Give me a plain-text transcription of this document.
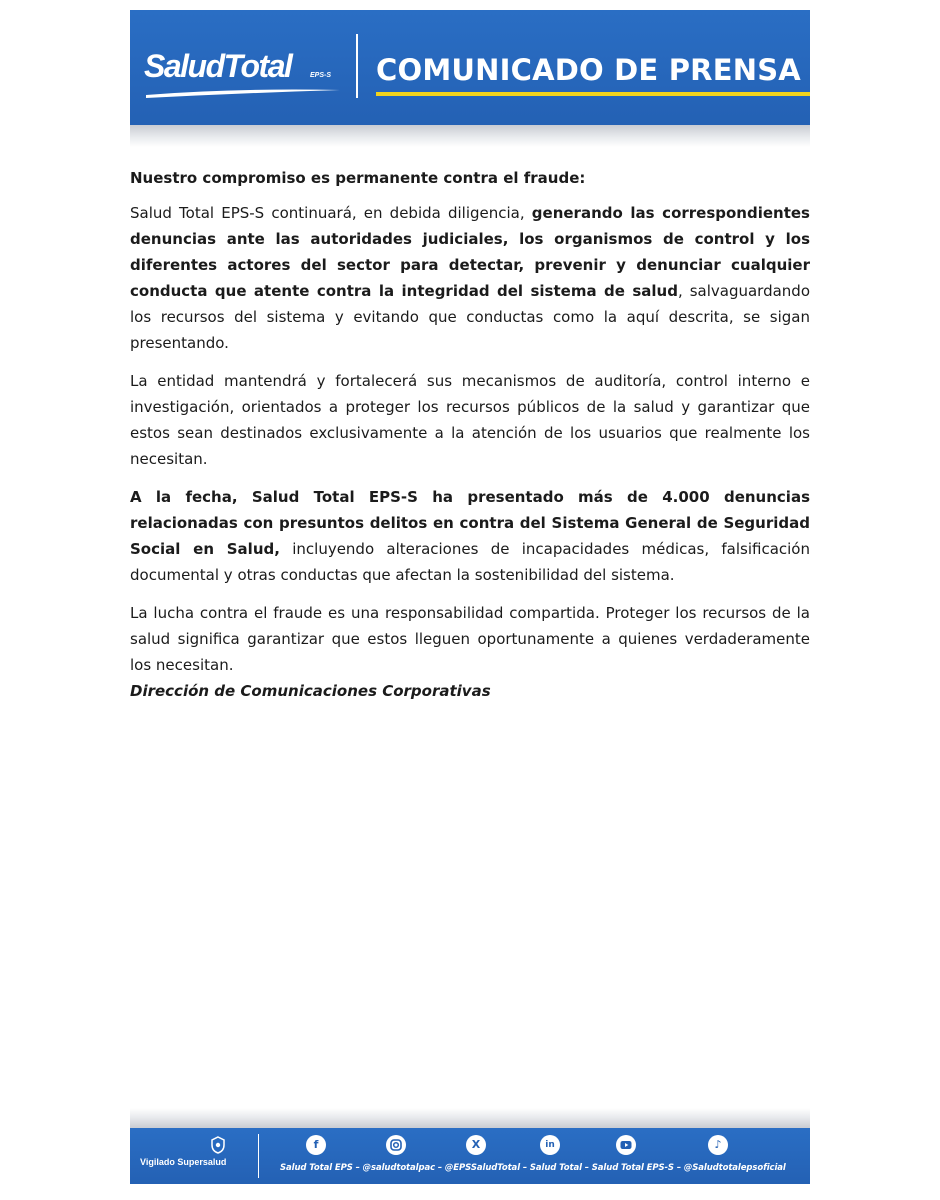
SaludTotal	EPS-S COMUNICADO DE PRENSA

Nuestro compromiso es permanente contra el fraude:

Salud Total EPS-S continuará, en debida diligencia, generando las correspondientes denuncias ante las autoridades judiciales, los organismos de control y los diferentes actores del sector para detectar, prevenir y denunciar cualquier conducta que atente contra la integridad del sistema de salud, salvaguardando los recursos del sistema y evitando que conductas como la aquí descrita, se sigan presentando.

La entidad mantendrá y fortalecerá sus mecanismos de auditoría, control interno e investigación, orientados a proteger los recursos públicos de la salud y garantizar que estos sean destinados exclusivamente a la atención de los usuarios que realmente los necesitan.

A la fecha, Salud Total EPS-S ha presentado más de 4.000 denuncias relacionadas con presuntos delitos en contra del Sistema General de Seguridad Social en Salud, incluyendo alteraciones de incapacidades médicas, falsificación documental y otras conductas que afectan la sostenibilidad del sistema.

La lucha contra el fraude es una responsabilidad compartida. Proteger los recursos de la salud significa garantizar que estos lleguen oportunamente a quienes verdaderamente los necesitan.

Dirección de Comunicaciones Corporativas
Vigilado Supersalud
f	X	in	♪
Salud Total EPS – @saludtotalpac – @EPSSaludTotal – Salud Total – Salud Total EPS-S – @Saludtotalepsoficial
